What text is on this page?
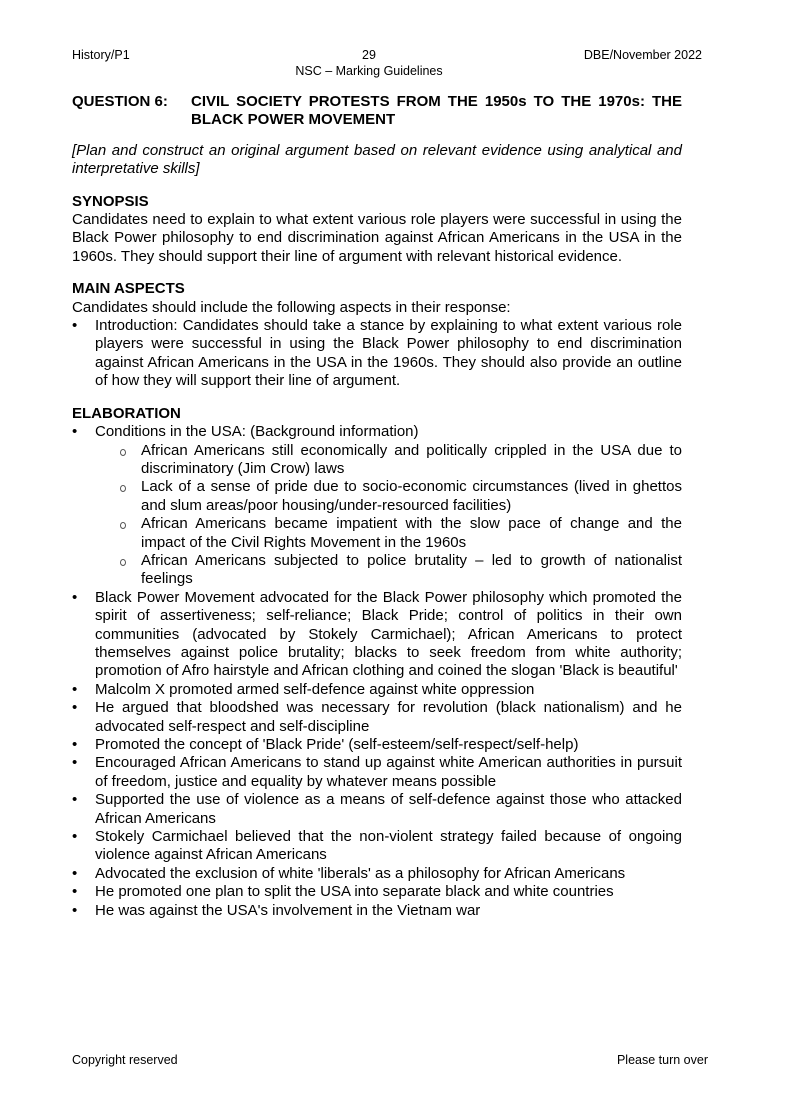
History/P1	29
NSC – Marking Guidelines
DBE/November 2022
QUESTION 6:	CIVIL SOCIETY PROTESTS FROM THE 1950s TO THE 1970s: THE BLACK POWER MOVEMENT
[Plan and construct an original argument based on relevant evidence using analytical and interpretative skills]
SYNOPSIS
Candidates need to explain to what extent various role players were successful in using the Black Power philosophy to end discrimination against African Americans in the USA in the 1960s. They should support their line of argument with relevant historical evidence.
MAIN ASPECTS
Candidates should include the following aspects in their response:
• Introduction: Candidates should take a stance by explaining to what extent various role players were successful in using the Black Power philosophy to end discrimination against African Americans in the USA in the 1960s. They should also provide an outline of how they will support their line of argument.
ELABORATION
• Conditions in the USA: (Background information)
African Americans still economically and politically crippled in the USA due to discriminatory (Jim Crow) laws
Lack of a sense of pride due to socio-economic circumstances (lived in ghettos and slum areas/poor housing/under-resourced facilities)
African Americans became impatient with the slow pace of change and the impact of the Civil Rights Movement in the 1960s
African Americans subjected to police brutality – led to growth of nationalist feelings
• Black Power Movement advocated for the Black Power philosophy which promoted the spirit of assertiveness; self-reliance; Black Pride; control of politics in their own communities (advocated by Stokely Carmichael); African Americans to protect themselves against police brutality; blacks to seek freedom from white authority; promotion of Afro hairstyle and African clothing and coined the slogan 'Black is beautiful'
• Malcolm X promoted armed self-defence against white oppression
• He argued that bloodshed was necessary for revolution (black nationalism) and he advocated self-respect and self-discipline
• Promoted the concept of 'Black Pride' (self-esteem/self-respect/self-help)
• Encouraged African Americans to stand up against white American authorities in pursuit of freedom, justice and equality by whatever means possible
• Supported the use of violence as a means of self-defence against those who attacked African Americans
• Stokely Carmichael believed that the non-violent strategy failed because of ongoing violence against African Americans
• Advocated the exclusion of white 'liberals' as a philosophy for African Americans
• He promoted one plan to split the USA into separate black and white countries
• He was against the USA's involvement in the Vietnam war
Copyright reserved	Please turn over
